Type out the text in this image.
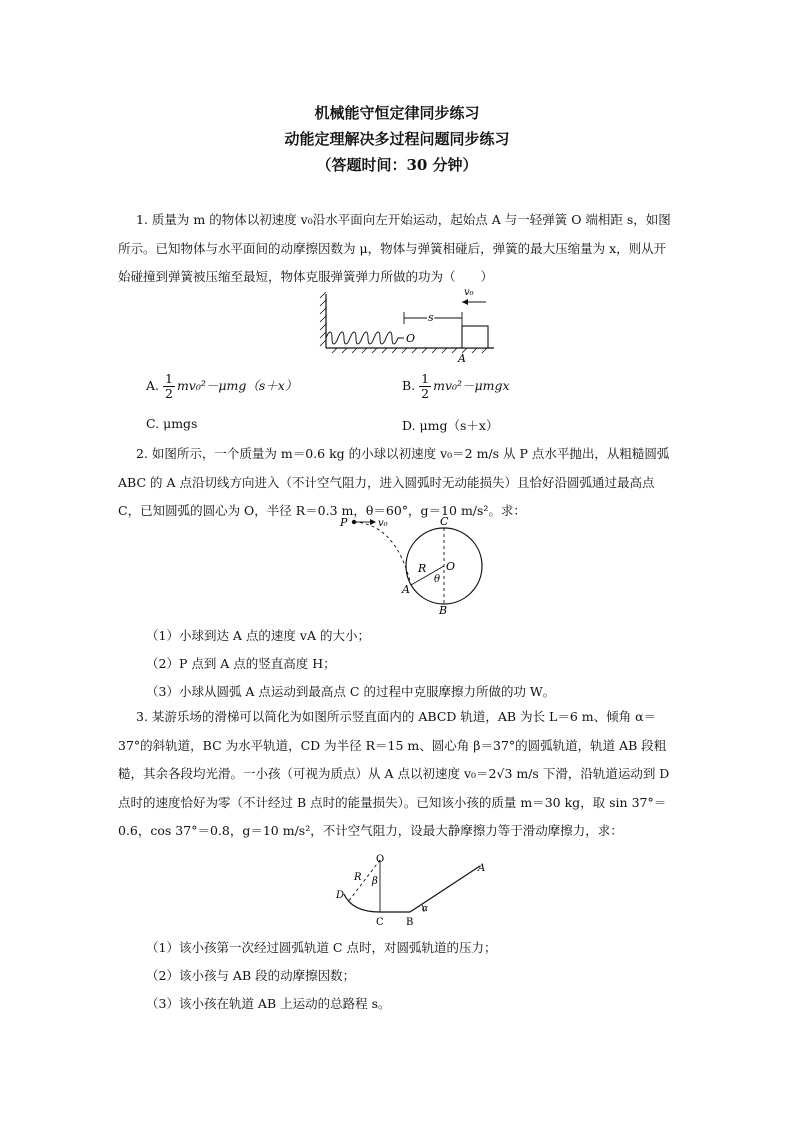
机械能守恒定律同步练习
动能定理解决多过程问题同步练习
（答题时间：30 分钟）
1. 质量为 m 的物体以初速度 v₀沿水平面向左开始运动，起始点 A 与一轻弹簧 O 端相距 s，如图所示。已知物体与水平面间的动摩擦因数为 μ，物体与弹簧相碰后，弹簧的最大压缩量为 x，则从开始碰撞到弹簧被压缩至最短，物体克服弹簧弹力所做的功为（　　）
O
s
v₀
A
A. $\frac{1}{2} mv_0^2-\mu mg(s+x)$	B. $\frac{1}{2} mv_0^2-\mu mgx$
C. μmgs	D. μmg（s＋x）
2. 如图所示，一个质量为 m＝0.6 kg 的小球以初速度 v₀＝2 m/s 从 P 点水平抛出，从粗糙圆弧 ABC 的 A 点沿切线方向进入（不计空气阻力，进入圆弧时无动能损失）且恰好沿圆弧通过最高点 C，已知圆弧的圆心为 O，半径 R＝0.3 m，θ＝60°，g＝10 m/s²。求：
P	v₀	C
O
R
θ
A
B
（1）小球到达 A 点的速度 vA 的大小；
（2）P 点到 A 点的竖直高度 H；
（3）小球从圆弧 A 点运动到最高点 C 的过程中克服摩擦力所做的功 W。
3. 某游乐场的滑梯可以简化为如图所示竖直面内的 ABCD 轨道，AB 为长 L＝6 m、倾角 α＝37°的斜轨道，BC 为水平轨道，CD 为半径 R＝15 m、圆心角 β＝37°的圆弧轨道，轨道 AB 段粗糙，其余各段均光滑。一小孩（可视为质点）从 A 点以初速度 v₀＝2√3 m/s 下滑，沿轨道运动到 D 点时的速度恰好为零（不计经过 B 点时的能量损失）。已知该小孩的质量 m＝30 kg，取 sin 37°＝0.6，cos 37°＝0.8，g＝10 m/s²，不计空气阻力，设最大静摩擦力等于滑动摩擦力，求：
O
R β
D
C B
A
α
（1）该小孩第一次经过圆弧轨道 C 点时，对圆弧轨道的压力；
（2）该小孩与 AB 段的动摩擦因数；
（3）该小孩在轨道 AB 上运动的总路程 s。
